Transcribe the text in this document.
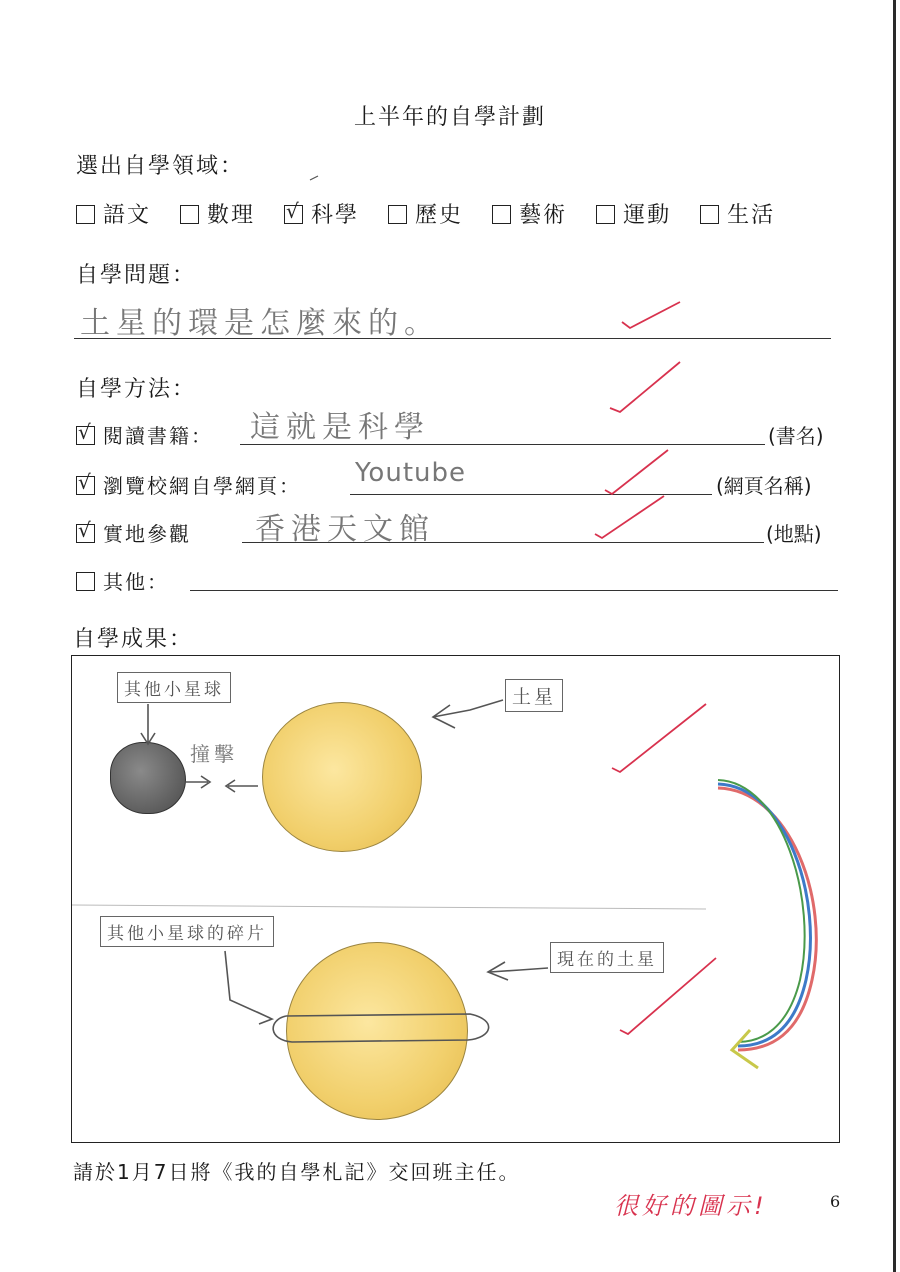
上半年的自學計劃
選出自學領域：
語文	數理 √ 科學	歷史	藝術	運動	生活
自學問題：
土星的環是怎麼來的。
自學方法：
√ 閱讀書籍： 這就是科學	(書名)
√ 瀏覽校網自學網頁： Youtube	(網頁名稱)
√ 實地參觀 香港天文館	(地點)
其他：
自學成果：
其他小星球
撞擊
土星
其他小星球的碎片
現在的土星
請於1月7日將《我的自學札記》交回班主任。
很好的圖示!	6
